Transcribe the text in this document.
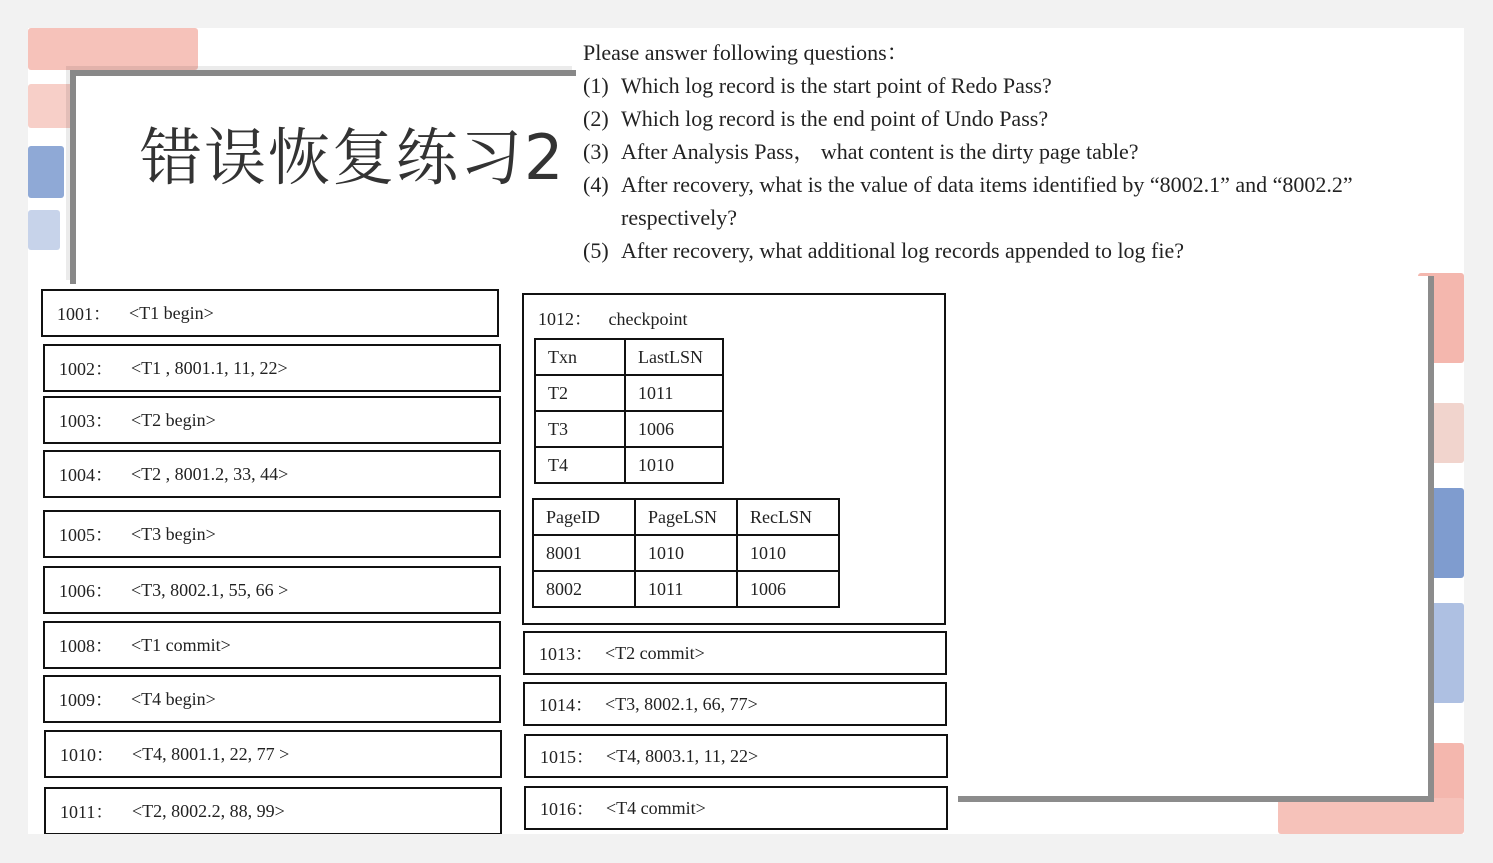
错误恢复练习2
Please answer following questions：
(1) Which log record is the start point of Redo Pass?
(2) Which log record is the end point of Undo Pass?
(3) After Analysis Pass， what content is the dirty page table?
(4) After recovery, what is the value of data items identified by “8002.1” and “8002.2”
respectively?
(5) After recovery, what additional log records appended to log fie?
1001：	<T1 begin>
1002：	<T1 , 8001.1, 11, 22>
1003：	<T2 begin>
1004：	<T2 , 8001.2, 33, 44>
1005：	<T3 begin>
1006：	<T3, 8002.1, 55, 66 >
1008：	<T1 commit>
1009：	<T4 begin>
1010：	<T4, 8001.1, 22, 77 >
1011：	<T2, 8002.2, 88, 99>
1012： checkpoint
Txn	LastLSN
T2	1011
T3	1006
T4	1010
PageID	PageLSN	RecLSN
8001	1010	1010
8002	1011	1006
1013： <T2 commit>
1014： <T3, 8002.1, 66, 77>
1015： <T4, 8003.1, 11, 22>
1016： <T4 commit>
